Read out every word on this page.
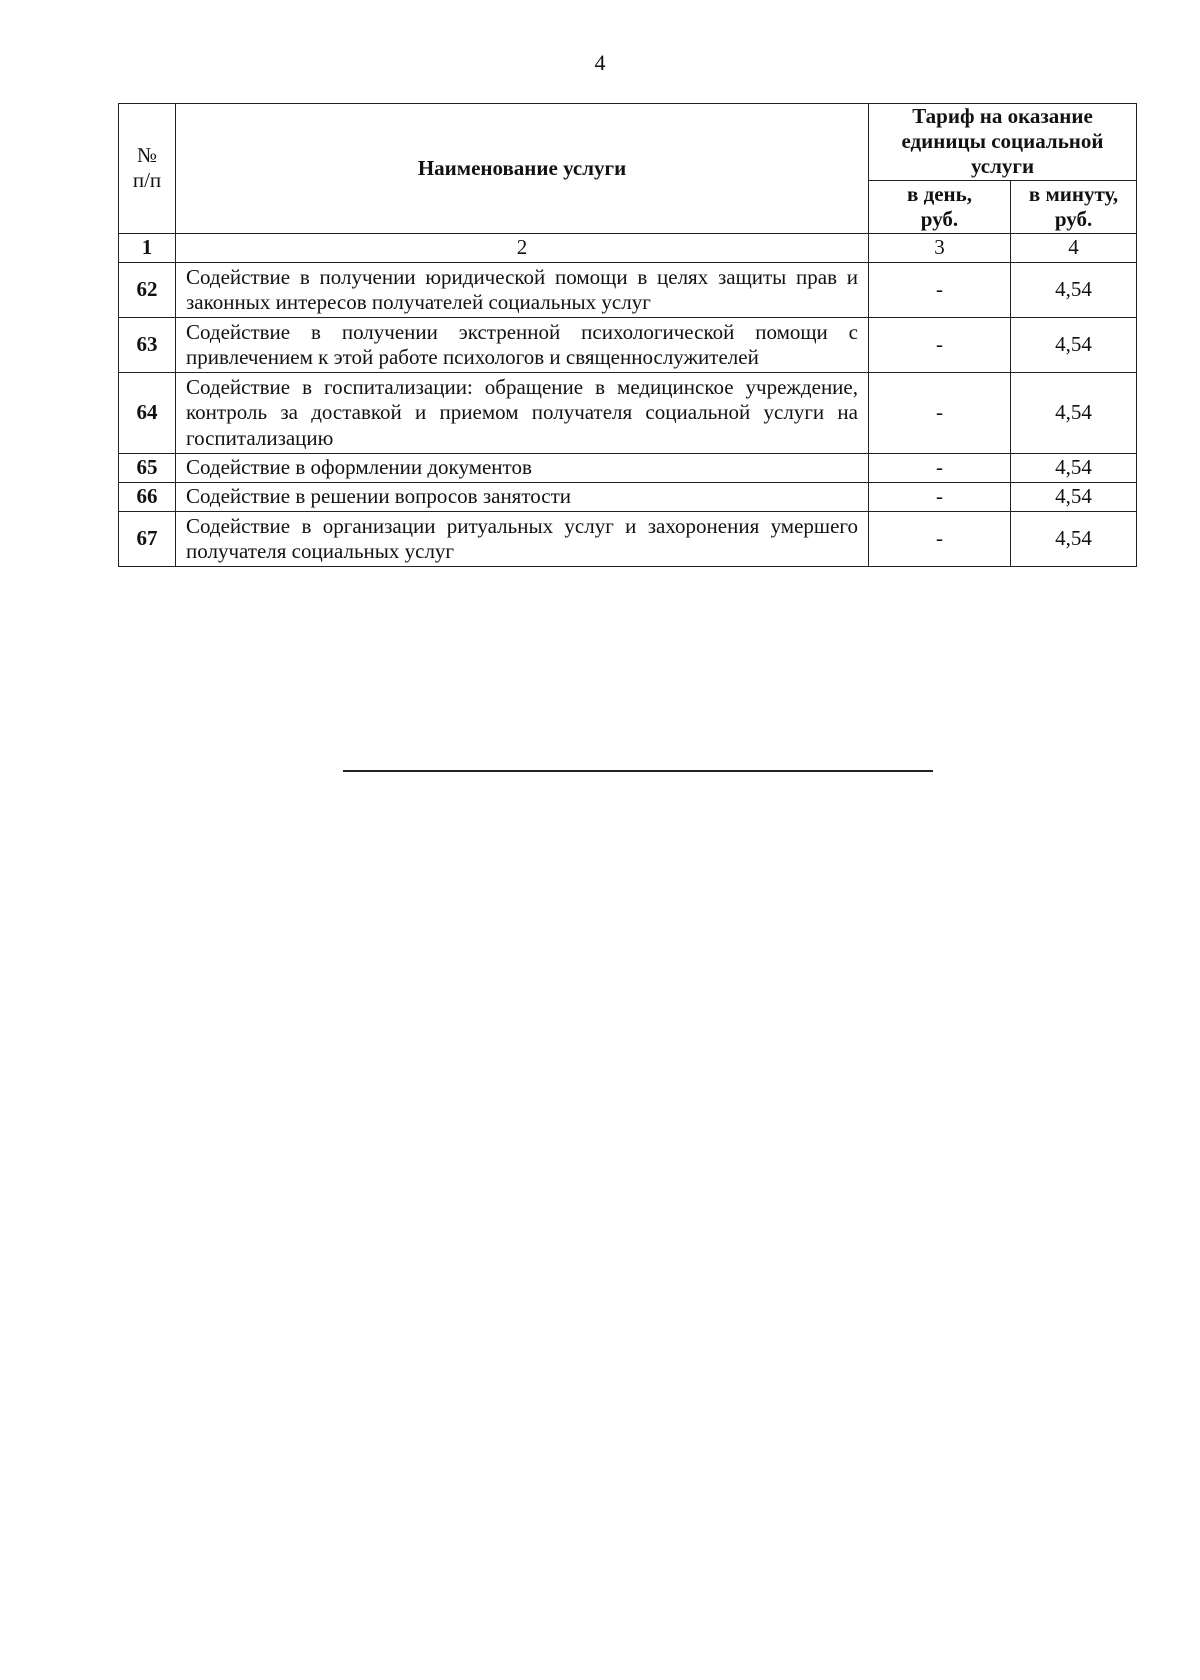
4
№ п/п	Наименование услуги	Тариф на оказание единицы социальной услуги	
		в день, руб.	в минуту, руб.
1	2	3	4
62	Содействие в получении юридической помощи в целях защиты прав и законных интересов получателей социальных услуг	-	4,54
63	Содействие в получении экстренной психологической помощи с привлечением к этой работе психологов и священнослужителей	-	4,54
64	Содействие в госпитализации: обращение в медицинское учреждение, контроль за доставкой и приемом получателя социальной услуги на госпитализацию	-	4,54
65	Содействие в оформлении документов	-	4,54
66	Содействие в решении вопросов занятости	-	4,54
67	Содействие в организации ритуальных услуг и захоронения умершего получателя социальных услуг	-	4,54
